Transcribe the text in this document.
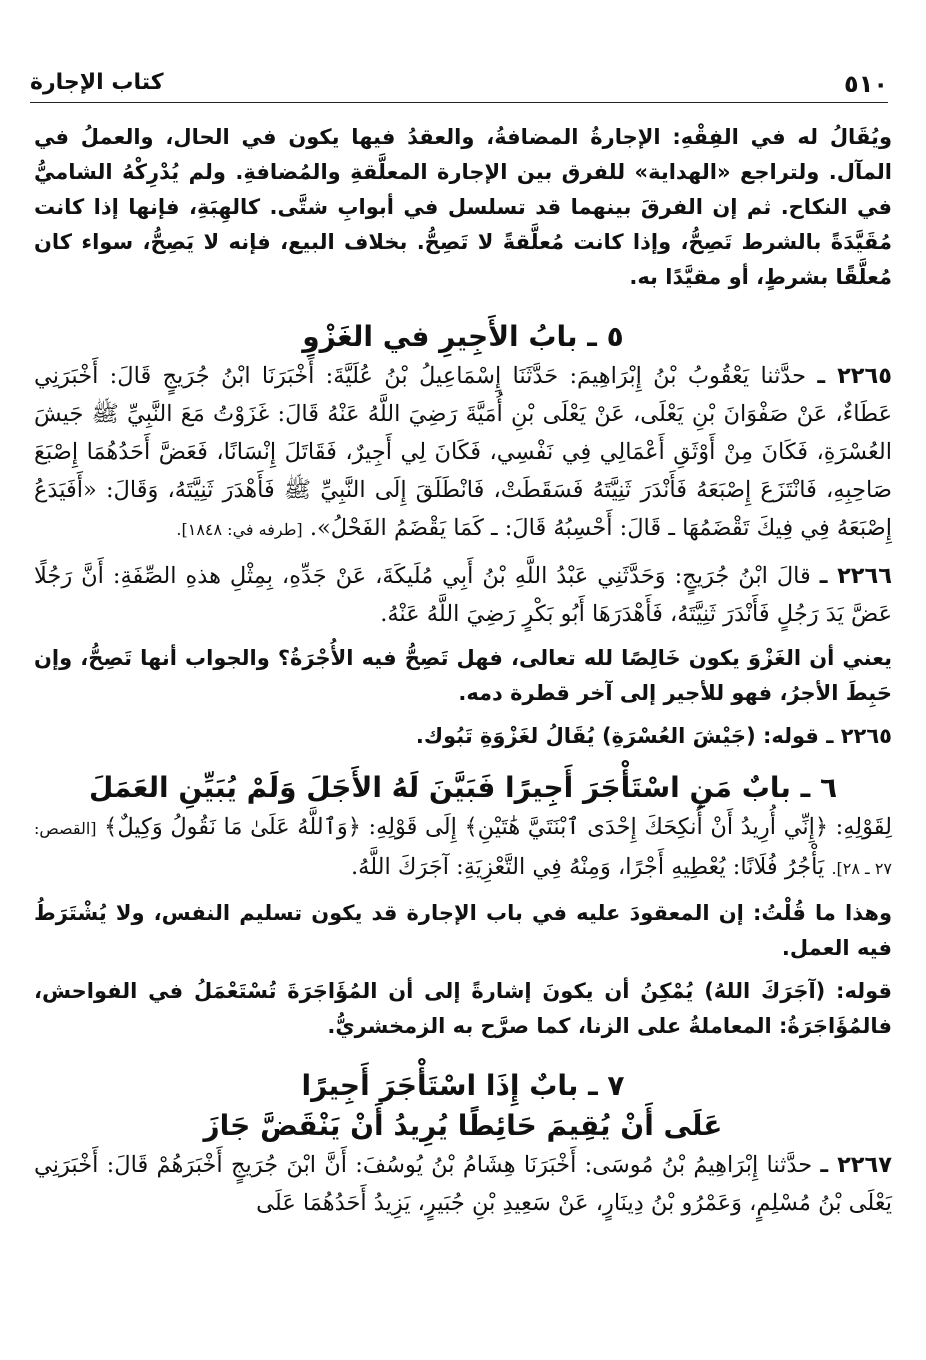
٥١٠
كتاب الإجارة

ويُقَالُ له في الفِقْهِ: الإجارةُ المضافةُ، والعقدُ فيها يكون في الحال، والعملُ في المآل. ولتراجع «الهداية» للفرق بين الإجارة المعلَّقةِ والمُضافةِ. ولم يُدْرِكْهُ الشاميُّ في النكاح. ثم إن الفرقَ بينهما قد تسلسل في أبوابِ شتَّى. كالهِبَةِ، فإنها إذا كانت مُقَيَّدَةً بالشرط تَصِحُّ، وإذا كانت مُعلَّقةً لا تَصِحُّ. بخلاف البيع، فإنه لا يَصِحُّ، سواء كان مُعلَّقًا بشرطٍ، أو مقيَّدًا به.

٥ ـ بابُ الأَجِيرِ في الغَزْوِ

٢٢٦٥ ـ حدَّثنا يَعْقُوبُ بْنُ إِبْرَاهِيمَ: حَدَّثَنَا إِسْمَاعِيلُ بْنُ عُلَيَّةَ: أَخْبَرَنَا ابْنُ جُرَيجٍ قَالَ: أَخْبَرَنِي عَطَاءٌ، عَنْ صَفْوَانَ بْنِ يَعْلَى، عَنْ يَعْلَى بْنِ أُمَيَّةَ رَضِيَ اللَّهُ عَنْهُ قَالَ: غَزَوْتُ مَعَ النَّبِيِّ ﷺ جَيشَ العُسْرَةِ، فَكَانَ مِنْ أَوْثَقِ أَعْمَالِي فِي نَفْسِي، فَكَانَ لِي أَجِيرٌ، فَقَاتَلَ إِنْسَانًا، فَعَضَّ أَحَدُهُمَا إِصْبَعَ صَاحِبِهِ، فَانْتَزَعَ إِصْبَعَهُ فَأَنْدَرَ ثَنِيَّتَهُ فَسَقَطَتْ، فَانْطَلَقَ إِلَى النَّبِيِّ ﷺ فَأَهْدَرَ ثَنِيَّتَهُ، وَقَالَ: «أَفَيَدَعُ إِصْبَعَهُ فِي فِيكَ تَقْضَمُهَا ـ قَالَ: أَحْسِبُهُ قَالَ: ـ كَمَا يَقْضَمُ الفَحْلُ». [طرفه في: ١٨٤٨].

٢٢٦٦ ـ قالَ ابْنُ جُرَيجٍ: وَحَدَّثَنِي عَبْدُ اللَّهِ بْنُ أَبِي مُلَيكَةَ، عَنْ جَدِّهِ، بِمِثْلِ هذهِ الصِّفَةِ: أَنَّ رَجُلًا عَضَّ يَدَ رَجُلٍ فَأَنْدَرَ ثَنِيَّتَهُ، فَأَهْدَرَهَا أَبُو بَكْرٍ رَضِيَ اللَّهُ عَنْهُ.

يعني أن الغَزْوَ يكون خَالِصًا لله تعالى، فهل تَصِحُّ فيه الأُجْرَةُ؟ والجواب أنها تَصِحُّ، وإن حَبِطَ الأجرُ، فهو للأجير إلى آخر قطرة دمه.

٢٢٦٥ ـ قوله: (جَيْشَ العُسْرَةِ) يُقَالُ لغَزْوَةِ تَبُوك.

٦ ـ بابٌ مَنِ اسْتَأْجَرَ أَجِيرًا فَبَيَّنَ لَهُ الأَجَلَ وَلَمْ يُبَيِّنِ العَمَلَ

لِقَوْلِهِ: ﴿إِنِّي أُرِيدُ أَنْ أُنكِحَكَ إِحْدَى ٱبْنَتَيَّ هَٰتَيْنِ﴾ إِلَى قَوْلِهِ: ﴿وَٱللَّهُ عَلَىٰ مَا نَقُولُ وَكِيلٌ﴾ [القصص: ٢٧ ـ ٢٨]. يَأْجُرُ فُلَانًا: يُعْطِيهِ أَجْرًا، وَمِنْهُ فِي التَّعْزِيَةِ: آجَرَكَ اللَّهُ.

وهذا ما قُلْتُ: إن المعقودَ عليه في باب الإجارة قد يكون تسليم النفس، ولا يُشْتَرَطُ فيه العمل.

قوله: (آجَرَكَ اللهُ) يُمْكِنُ أن يكونَ إشارةً إلى أن المُؤَاجَرَةَ تُسْتَعْمَلُ في الفواحش، فالمُؤَاجَرَةُ: المعاملةُ على الزنا، كما صرَّح به الزمخشريُّ.

٧ ـ بابٌ إِذَا اسْتَأْجَرَ أَجِيرًا
عَلَى أَنْ يُقِيمَ حَائِطًا يُرِيدُ أَنْ يَنْقَضَّ جَازَ

٢٢٦٧ ـ حدَّثنا إِبْرَاهِيمُ بْنُ مُوسَى: أَخْبَرَنَا هِشَامُ بْنُ يُوسُفَ: أَنَّ ابْنَ جُرَيجٍ أَخْبَرَهُمْ قَالَ: أَخْبَرَنِي يَعْلَى بْنُ مُسْلِمٍ، وَعَمْرُو بْنُ دِينَارٍ، عَنْ سَعِيدِ بْنِ جُبَيرٍ، يَزِيدُ أَحَدُهُمَا عَلَى
